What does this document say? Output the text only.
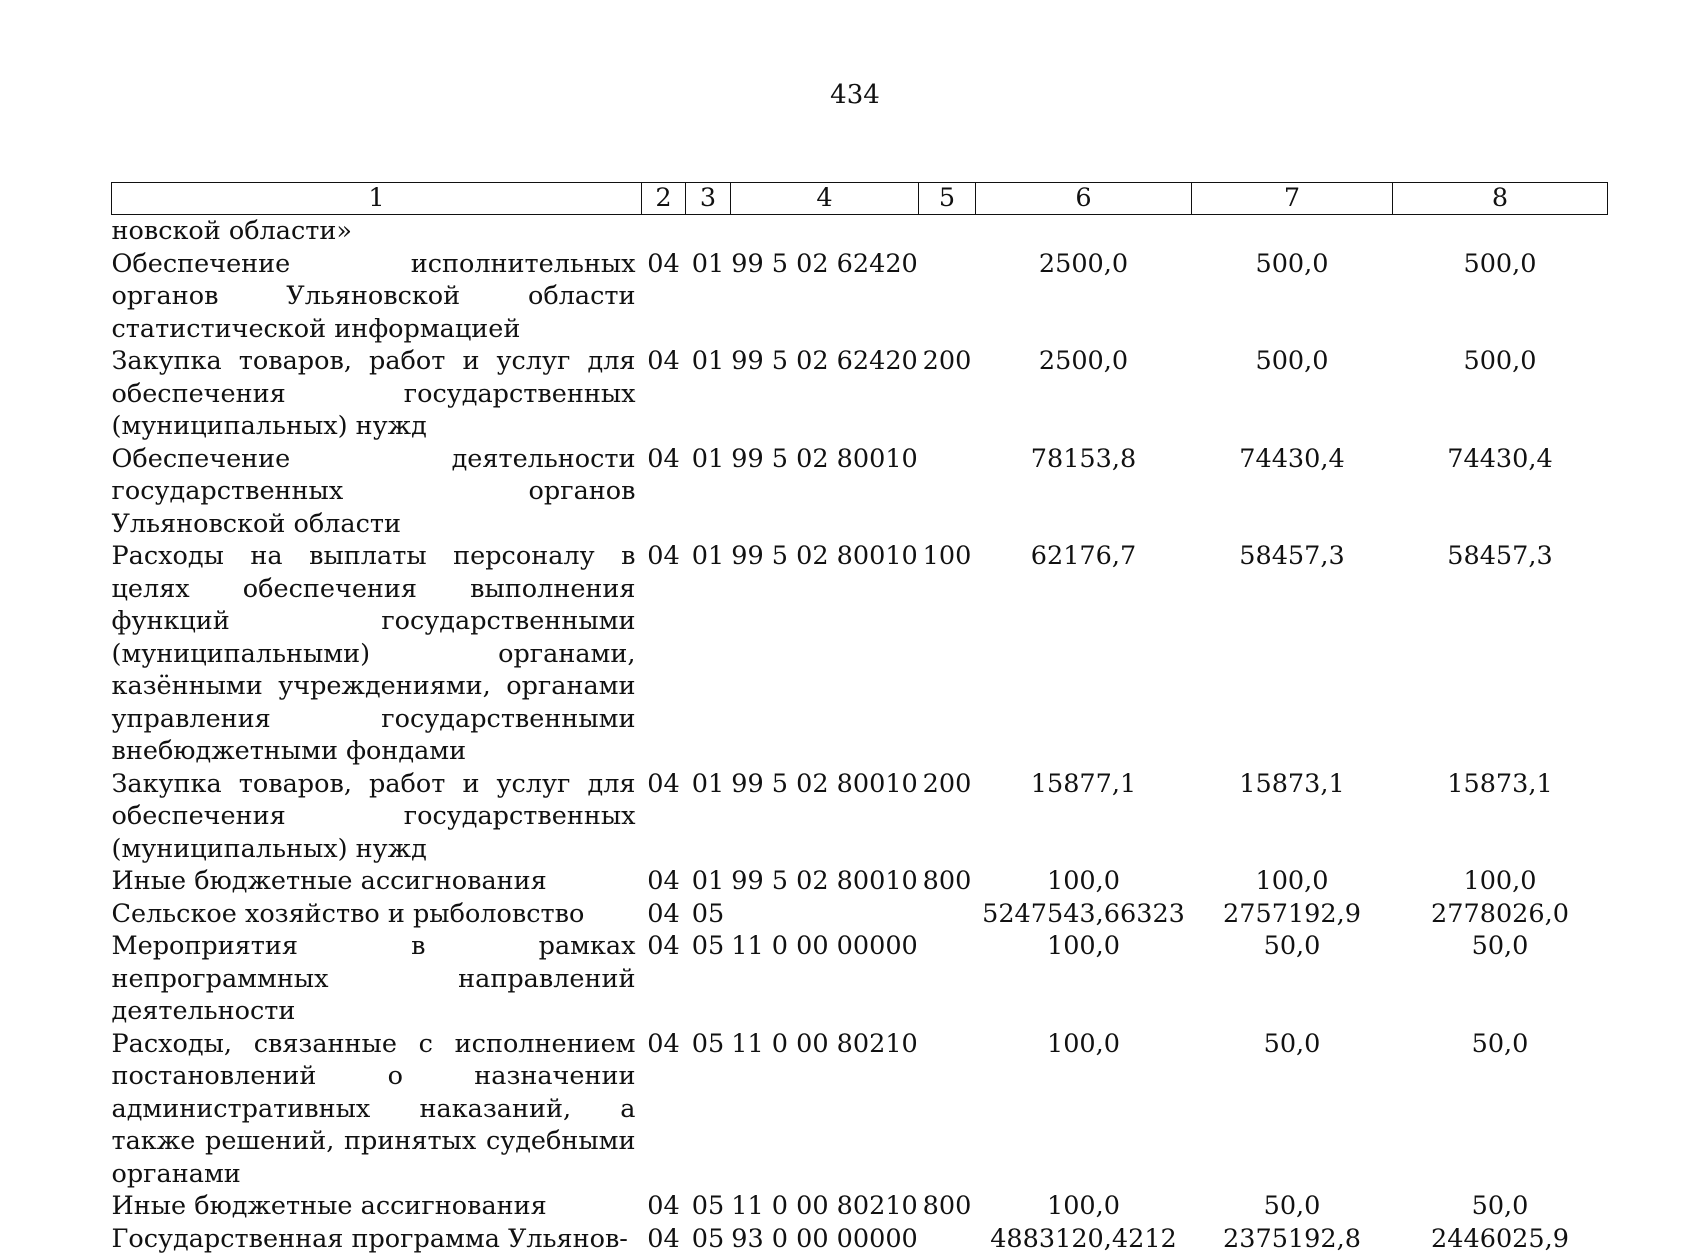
434
1	2	3	4	5	6	7	8
новской области»							
Обеспечение исполнительных органов Ульяновской области статистической информацией	04	01	99 5 02 62420		2500,0	500,0	500,0
Закупка товаров, работ и услуг для обеспечения государственных (муниципальных) нужд	04	01	99 5 02 62420	200	2500,0	500,0	500,0
Обеспечение деятельности государственных органов Ульяновской области	04	01	99 5 02 80010		78153,8	74430,4	74430,4
Расходы на выплаты персоналу в целях обеспечения выполнения функций государственными (муниципальными) органами, казёнными учреждениями, органами управления государственными внебюджетными фондами	04	01	99 5 02 80010	100	62176,7	58457,3	58457,3
Закупка товаров, работ и услуг для обеспечения государственных (муниципальных) нужд	04	01	99 5 02 80010	200	15877,1	15873,1	15873,1
Иные бюджетные ассигнования	04	01	99 5 02 80010	800	100,0	100,0	100,0
Сельское хозяйство и рыболовство	04	05			5247543,66323	2757192,9	2778026,0
Мероприятия в рамках непрограммных направлений деятельности	04	05	11 0 00 00000		100,0	50,0	50,0
Расходы, связанные с исполнением постановлений о назначении административных наказаний, а также решений, принятых судебными органами	04	05	11 0 00 80210		100,0	50,0	50,0
Иные бюджетные ассигнования	04	05	11 0 00 80210	800	100,0	50,0	50,0
Государственная программа Ульянов-	04	05	93 0 00 00000		4883120,4212	2375192,8	2446025,9
